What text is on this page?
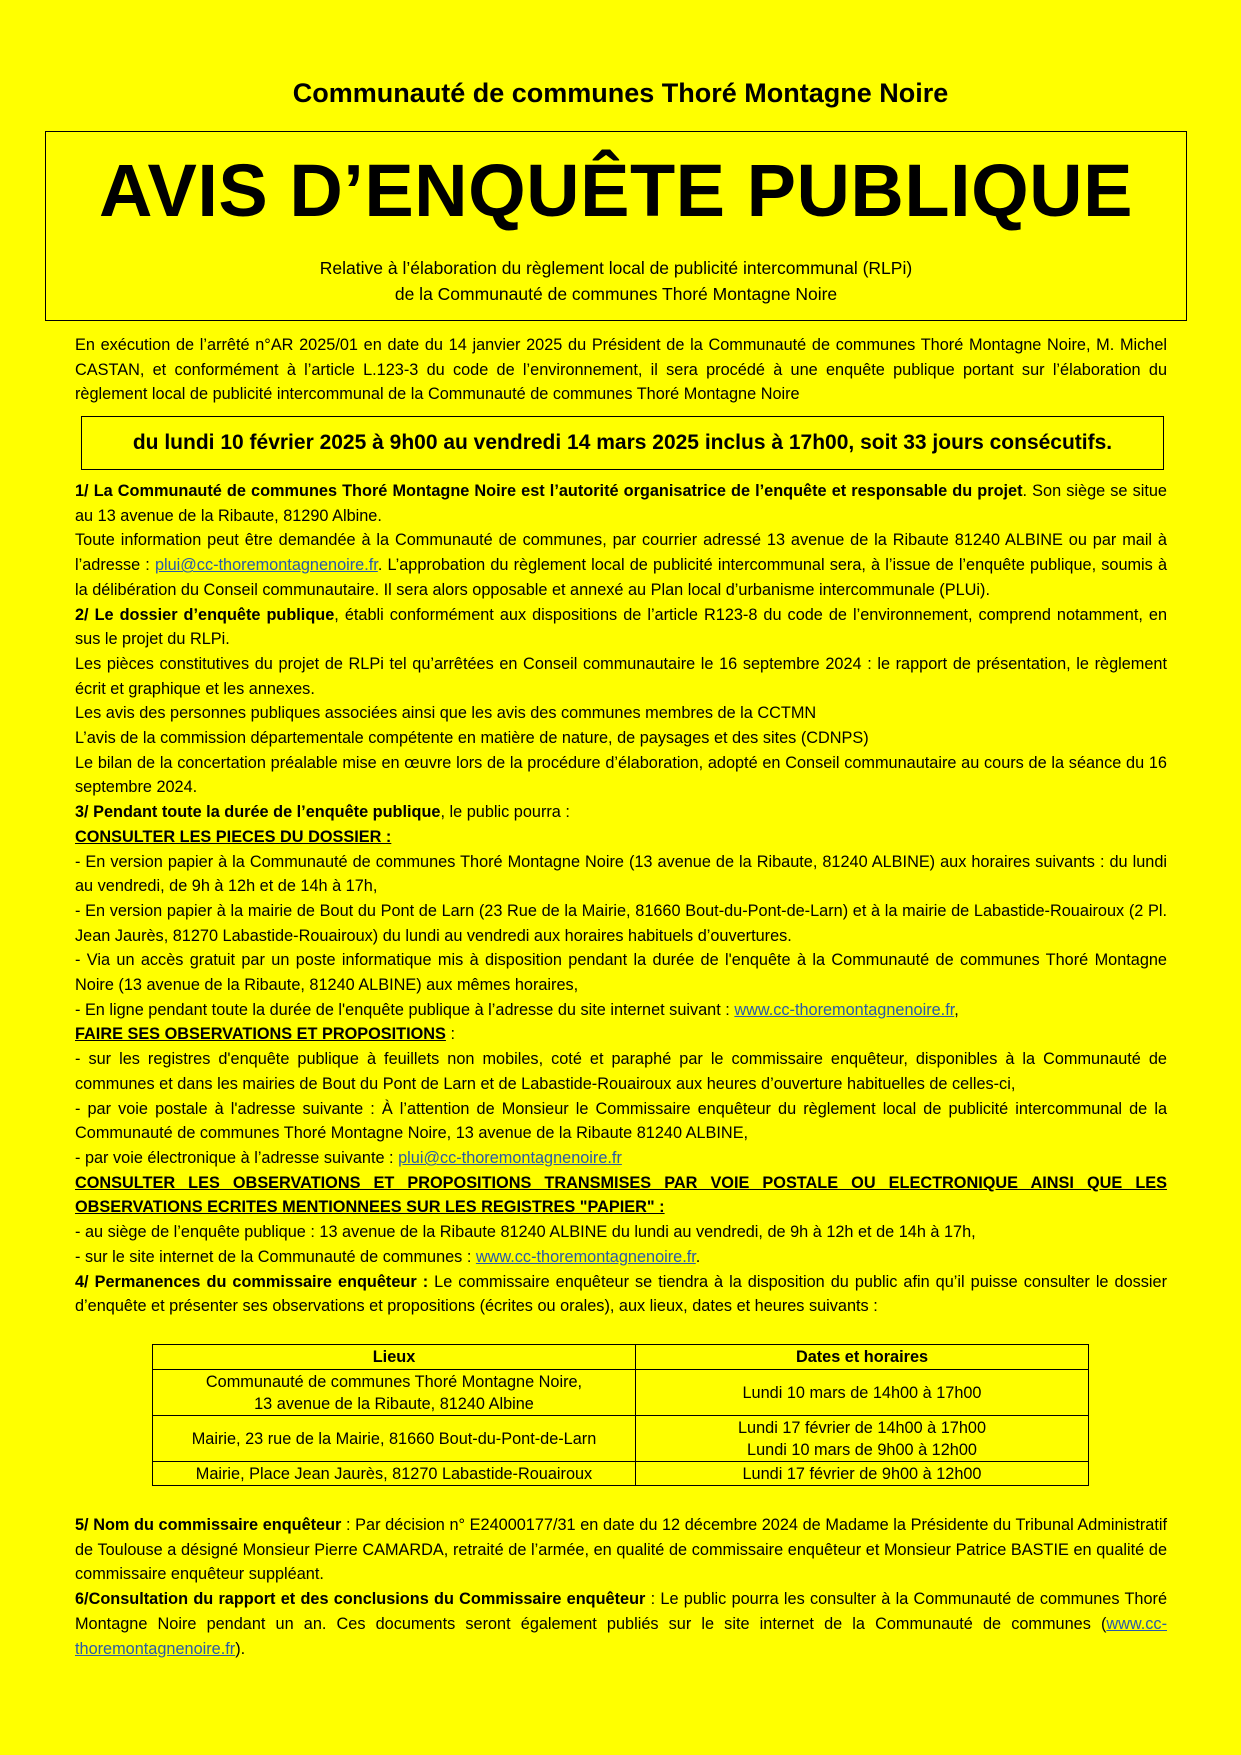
Communauté de communes Thoré Montagne Noire
AVIS D’ENQUÊTE PUBLIQUE
Relative à l’élaboration du règlement local de publicité intercommunal (RLPi)
de la Communauté de communes Thoré Montagne Noire
En exécution de l’arrêté n°AR 2025/01 en date du 14 janvier 2025 du Président de la Communauté de communes Thoré Montagne Noire, M. Michel CASTAN, et conformément à l’article L.123-3 du code de l’environnement, il sera procédé à une enquête publique portant sur l’élaboration du règlement local de publicité intercommunal de la Communauté de communes Thoré Montagne Noire
du lundi 10 février 2025 à 9h00 au vendredi 14 mars 2025 inclus à 17h00, soit 33 jours consécutifs.

1/ La Communauté de communes Thoré Montagne Noire est l’autorité organisatrice de l’enquête et responsable du projet. Son siège se situe au 13 avenue de la Ribaute, 81290 Albine.

Toute information peut être demandée à la Communauté de communes, par courrier adressé 13 avenue de la Ribaute 81240 ALBINE ou par mail à l’adresse : plui@cc-thoremontagnenoire.fr. L’approbation du règlement local de publicité intercommunal sera, à l’issue de l’enquête publique, soumis à la délibération du Conseil communautaire. Il sera alors opposable et annexé au Plan local d’urbanisme intercommunale (PLUi).

2/ Le dossier d’enquête publique, établi conformément aux dispositions de l’article R123-8 du code de l’environnement, comprend notamment, en sus le projet du RLPi.

Les pièces constitutives du projet de RLPi tel qu’arrêtées en Conseil communautaire le 16 septembre 2024 : le rapport de présentation, le règlement écrit et graphique et les annexes.

Les avis des personnes publiques associées ainsi que les avis des communes membres de la CCTMN

L’avis de la commission départementale compétente en matière de nature, de paysages et des sites (CDNPS)

Le bilan de la concertation préalable mise en œuvre lors de la procédure d’élaboration, adopté en Conseil communautaire au cours de la séance du 16 septembre 2024.

3/ Pendant toute la durée de l’enquête publique, le public pourra :

CONSULTER LES PIECES DU DOSSIER :

- En version papier à la Communauté de communes Thoré Montagne Noire (13 avenue de la Ribaute, 81240 ALBINE) aux horaires suivants : du lundi au vendredi, de 9h à 12h et de 14h à 17h,

- En version papier à la mairie de Bout du Pont de Larn (23 Rue de la Mairie, 81660 Bout-du-Pont-de-Larn) et à la mairie de Labastide-Rouairoux (2 Pl. Jean Jaurès, 81270 Labastide-Rouairoux) du lundi au vendredi aux horaires habituels d’ouvertures.

- Via un accès gratuit par un poste informatique mis à disposition pendant la durée de l'enquête à la Communauté de communes Thoré Montagne Noire (13 avenue de la Ribaute, 81240 ALBINE) aux mêmes horaires,

- En ligne pendant toute la durée de l'enquête publique à l’adresse du site internet suivant : www.cc-thoremontagnenoire.fr,

FAIRE SES OBSERVATIONS ET PROPOSITIONS :

- sur les registres d'enquête publique à feuillets non mobiles, coté et paraphé par le commissaire enquêteur, disponibles à la Communauté de communes et dans les mairies de Bout du Pont de Larn et de Labastide-Rouairoux aux heures d’ouverture habituelles de celles-ci,

- par voie postale à l'adresse suivante : À l’attention de Monsieur le Commissaire enquêteur du règlement local de publicité intercommunal de la Communauté de communes Thoré Montagne Noire, 13 avenue de la Ribaute 81240 ALBINE,

- par voie électronique à l’adresse suivante : plui@cc-thoremontagnenoire.fr

CONSULTER LES OBSERVATIONS ET PROPOSITIONS TRANSMISES PAR VOIE POSTALE OU ELECTRONIQUE AINSI QUE LES OBSERVATIONS ECRITES MENTIONNEES SUR LES REGISTRES "PAPIER" :

- au siège de l’enquête publique : 13 avenue de la Ribaute 81240 ALBINE du lundi au vendredi, de 9h à 12h et de 14h à 17h,

- sur le site internet de la Communauté de communes : www.cc-thoremontagnenoire.fr.

4/ Permanences du commissaire enquêteur : Le commissaire enquêteur se tiendra à la disposition du public afin qu’il puisse consulter le dossier d’enquête et présenter ses observations et propositions (écrites ou orales), aux lieux, dates et heures suivants :

Lieux	Dates et horaires

Communauté de communes Thoré Montagne Noire,
13 avenue de la Ribaute, 81240 Albine	Lundi 10 mars de 14h00 à 17h00

Mairie, 23 rue de la Mairie, 81660 Bout-du-Pont-de-Larn	Lundi 17 février de 14h00 à 17h00
Lundi 10 mars de 9h00 à 12h00

Mairie, Place Jean Jaurès, 81270 Labastide-Rouairoux	Lundi 17 février de 9h00 à 12h00

5/ Nom du commissaire enquêteur : Par décision n° E24000177/31 en date du 12 décembre 2024 de Madame la Présidente du Tribunal Administratif de Toulouse a désigné Monsieur Pierre CAMARDA, retraité de l’armée, en qualité de commissaire enquêteur et Monsieur Patrice BASTIE en qualité de commissaire enquêteur suppléant.

6/Consultation du rapport et des conclusions du Commissaire enquêteur : Le public pourra les consulter à la Communauté de communes Thoré Montagne Noire pendant un an. Ces documents seront également publiés sur le site internet de la Communauté de communes (www.cc-thoremontagnenoire.fr).
